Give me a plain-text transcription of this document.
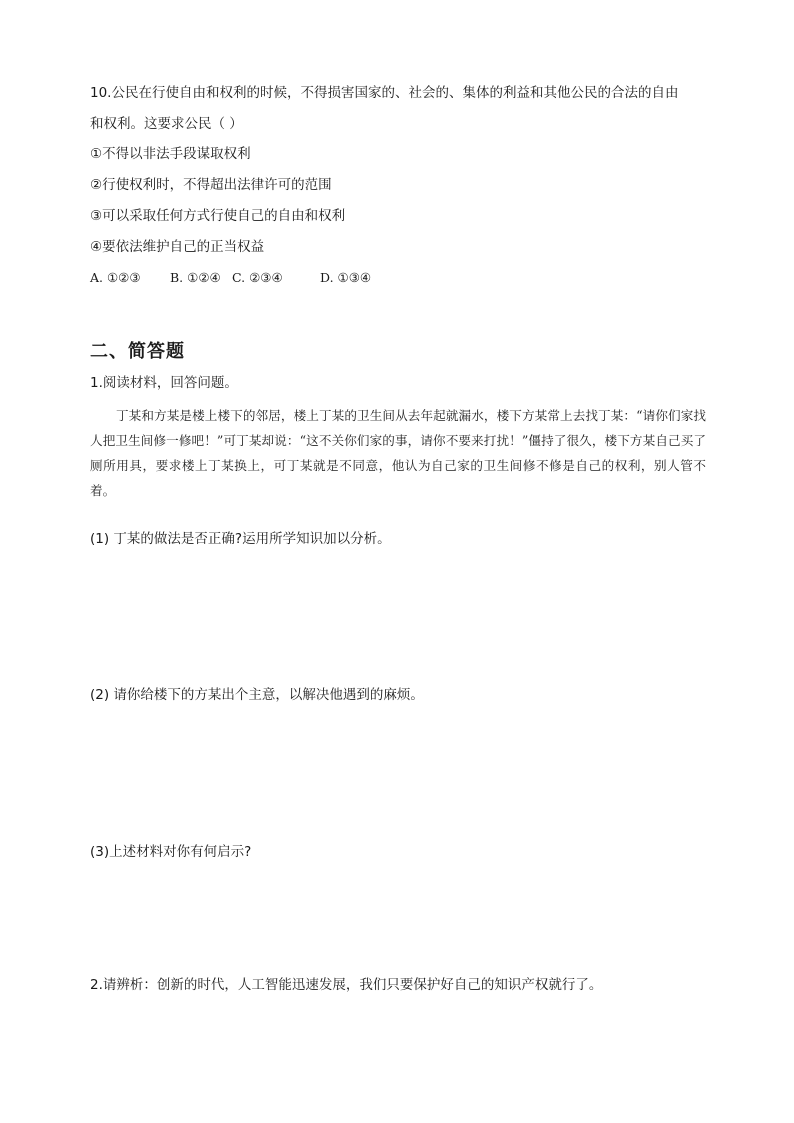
10.公民在行使自由和权利的时候，不得损害国家的、社会的、集体的利益和其他公民的合法的自由
和权利。这要求公民（ ）
①不得以非法手段谋取权利
②行使权利时，不得超出法律许可的范围
③可以采取任何方式行使自己的自由和权利
④要依法维护自己的正当权益
A. ①②③ B. ①②④ C. ②③④	D. ①③④
二、简答题
1.阅读材料，回答问题。
丁某和方某是楼上楼下的邻居，楼上丁某的卫生间从去年起就漏水，楼下方某常上去找丁某：“请你们家找人把卫生间修一修吧！”可丁某却说：“这不关你们家的事，请你不要来打扰！”僵持了很久，楼下方某自己买了厕所用具，要求楼上丁某换上，可丁某就是不同意，他认为自己家的卫生间修不修是自己的权利，别人管不着。
(1) 丁某的做法是否正确?运用所学知识加以分析。
(2) 请你给楼下的方某出个主意，以解决他遇到的麻烦。
(3)上述材料对你有何启示?
2.请辨析：创新的时代，人工智能迅速发展，我们只要保护好自己的知识产权就行了。
